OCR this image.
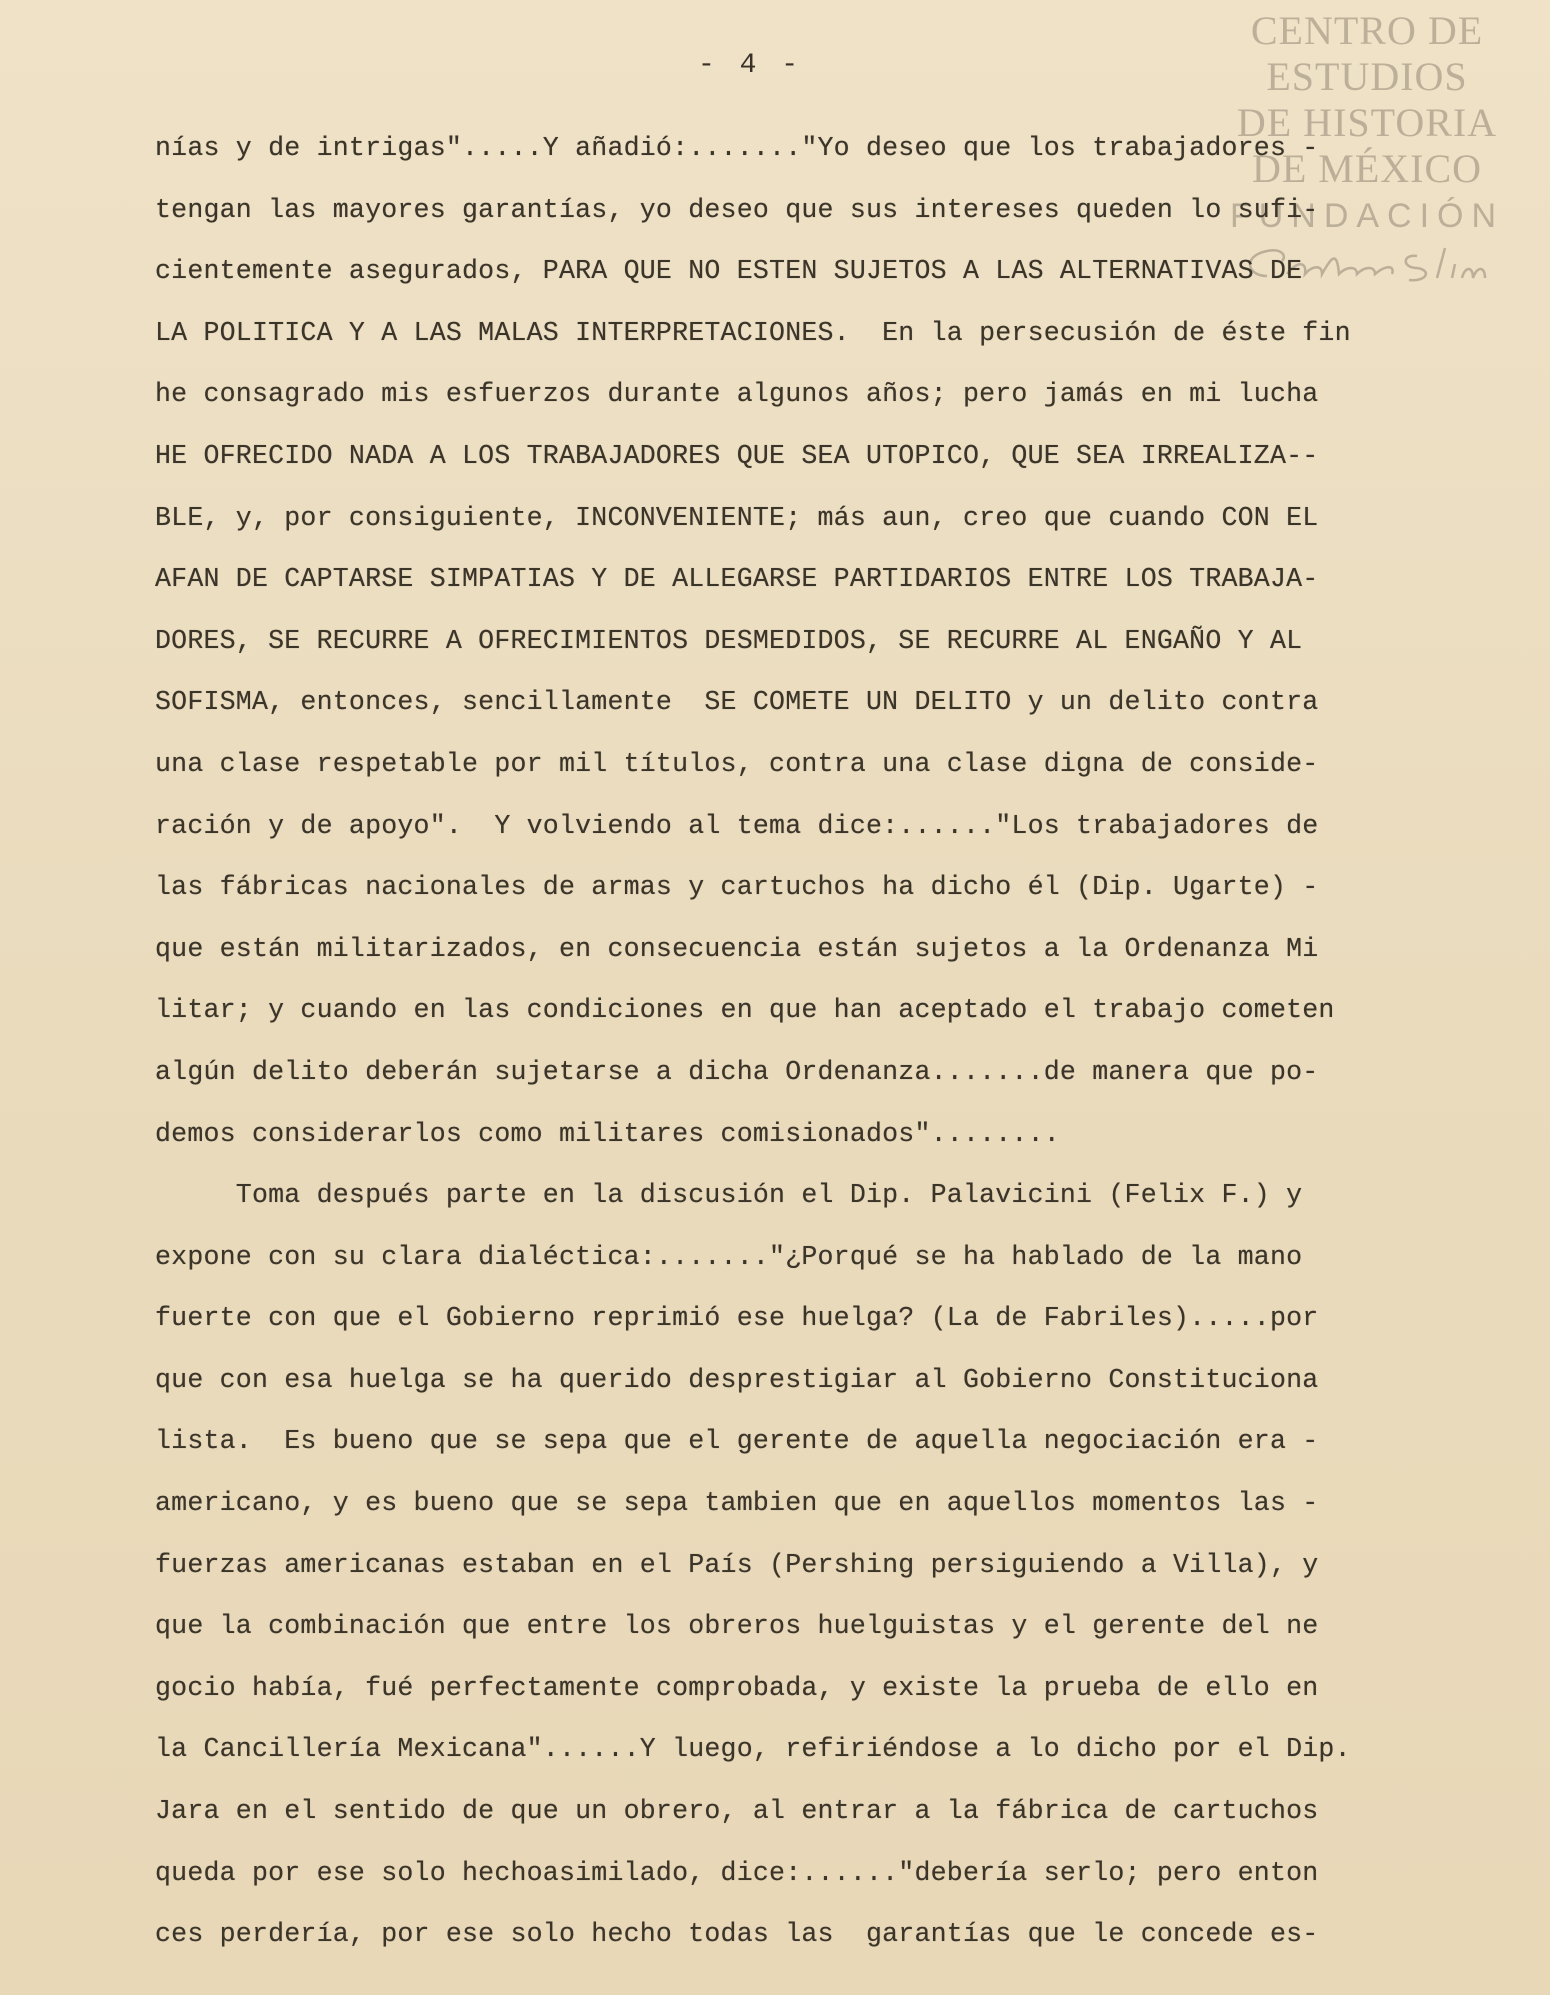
CENTRO DE
ESTUDIOS
DE HISTORIA
DE MÉXICO
FUNDACIÓN
- 4 -
nías y de intrigas".....Y añadió:......."Yo deseo que los trabajadores -
tengan las mayores garantías, yo deseo que sus intereses queden lo sufi-
cientemente asegurados, PARA QUE NO ESTEN SUJETOS A LAS ALTERNATIVAS DE
LA POLITICA Y A LAS MALAS INTERPRETACIONES.  En la persecusión de éste fin
he consagrado mis esfuerzos durante algunos años; pero jamás en mi lucha
HE OFRECIDO NADA A LOS TRABAJADORES QUE SEA UTOPICO, QUE SEA IRREALIZA--
BLE, y, por consiguiente, INCONVENIENTE; más aun, creo que cuando CON EL
AFAN DE CAPTARSE SIMPATIAS Y DE ALLEGARSE PARTIDARIOS ENTRE LOS TRABAJA-
DORES, SE RECURRE A OFRECIMIENTOS DESMEDIDOS, SE RECURRE AL ENGAÑO Y AL
SOFISMA, entonces, sencillamente  SE COMETE UN DELITO y un delito contra
una clase respetable por mil títulos, contra una clase digna de conside-
ración y de apoyo".  Y volviendo al tema dice:......"Los trabajadores de
las fábricas nacionales de armas y cartuchos ha dicho él (Dip. Ugarte) -
que están militarizados, en consecuencia están sujetos a la Ordenanza Mi
litar; y cuando en las condiciones en que han aceptado el trabajo cometen
algún delito deberán sujetarse a dicha Ordenanza.......de manera que po-
demos considerarlos como militares comisionados"........
Toma después parte en la discusión el Dip. Palavicini (Felix F.) y
expone con su clara dialéctica:......."¿Porqué se ha hablado de la mano
fuerte con que el Gobierno reprimió ese huelga? (La de Fabriles).....por
que con esa huelga se ha querido desprestigiar al Gobierno Constituciona
lista.  Es bueno que se sepa que el gerente de aquella negociación era -
americano, y es bueno que se sepa tambien que en aquellos momentos las -
fuerzas americanas estaban en el País (Pershing persiguiendo a Villa), y
que la combinación que entre los obreros huelguistas y el gerente del ne
gocio había, fué perfectamente comprobada, y existe la prueba de ello en
la Cancillería Mexicana"......Y luego, refiriéndose a lo dicho por el Dip.
Jara en el sentido de que un obrero, al entrar a la fábrica de cartuchos
queda por ese solo hechoasimilado, dice:......"debería serlo; pero enton
ces perdería, por ese solo hecho todas las  garantías que le concede es-
